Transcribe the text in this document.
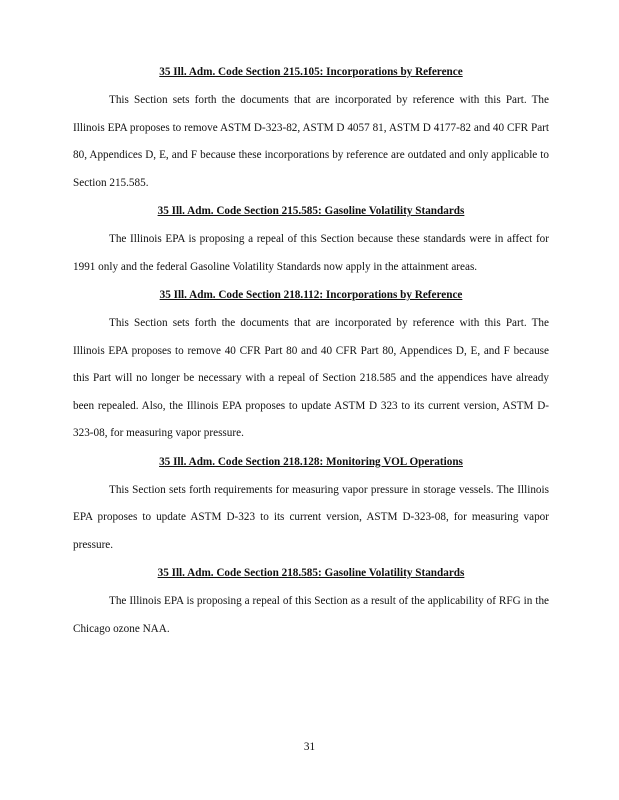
35 Ill. Adm. Code Section 215.105: Incorporations by Reference

This Section sets forth the documents that are incorporated by reference with this Part. The Illinois EPA proposes to remove ASTM D-323-82, ASTM D 4057 81, ASTM D 4177-82 and 40 CFR Part 80, Appendices D, E, and F because these incorporations by reference are outdated and only applicable to Section 215.585.

35 Ill. Adm. Code Section 215.585: Gasoline Volatility Standards

The Illinois EPA is proposing a repeal of this Section because these standards were in affect for 1991 only and the federal Gasoline Volatility Standards now apply in the attainment areas.

35 Ill. Adm. Code Section 218.112: Incorporations by Reference

This Section sets forth the documents that are incorporated by reference with this Part. The Illinois EPA proposes to remove 40 CFR Part 80 and 40 CFR Part 80, Appendices D, E, and F because this Part will no longer be necessary with a repeal of Section 218.585 and the appendices have already been repealed. Also, the Illinois EPA proposes to update ASTM D 323 to its current version, ASTM D-323-08, for measuring vapor pressure.

35 Ill. Adm. Code Section 218.128: Monitoring VOL Operations

This Section sets forth requirements for measuring vapor pressure in storage vessels. The Illinois EPA proposes to update ASTM D-323 to its current version, ASTM D-323-08, for measuring vapor pressure.

35 Ill. Adm. Code Section 218.585: Gasoline Volatility Standards

The Illinois EPA is proposing a repeal of this Section as a result of the applicability of RFG in the Chicago ozone NAA.

31
